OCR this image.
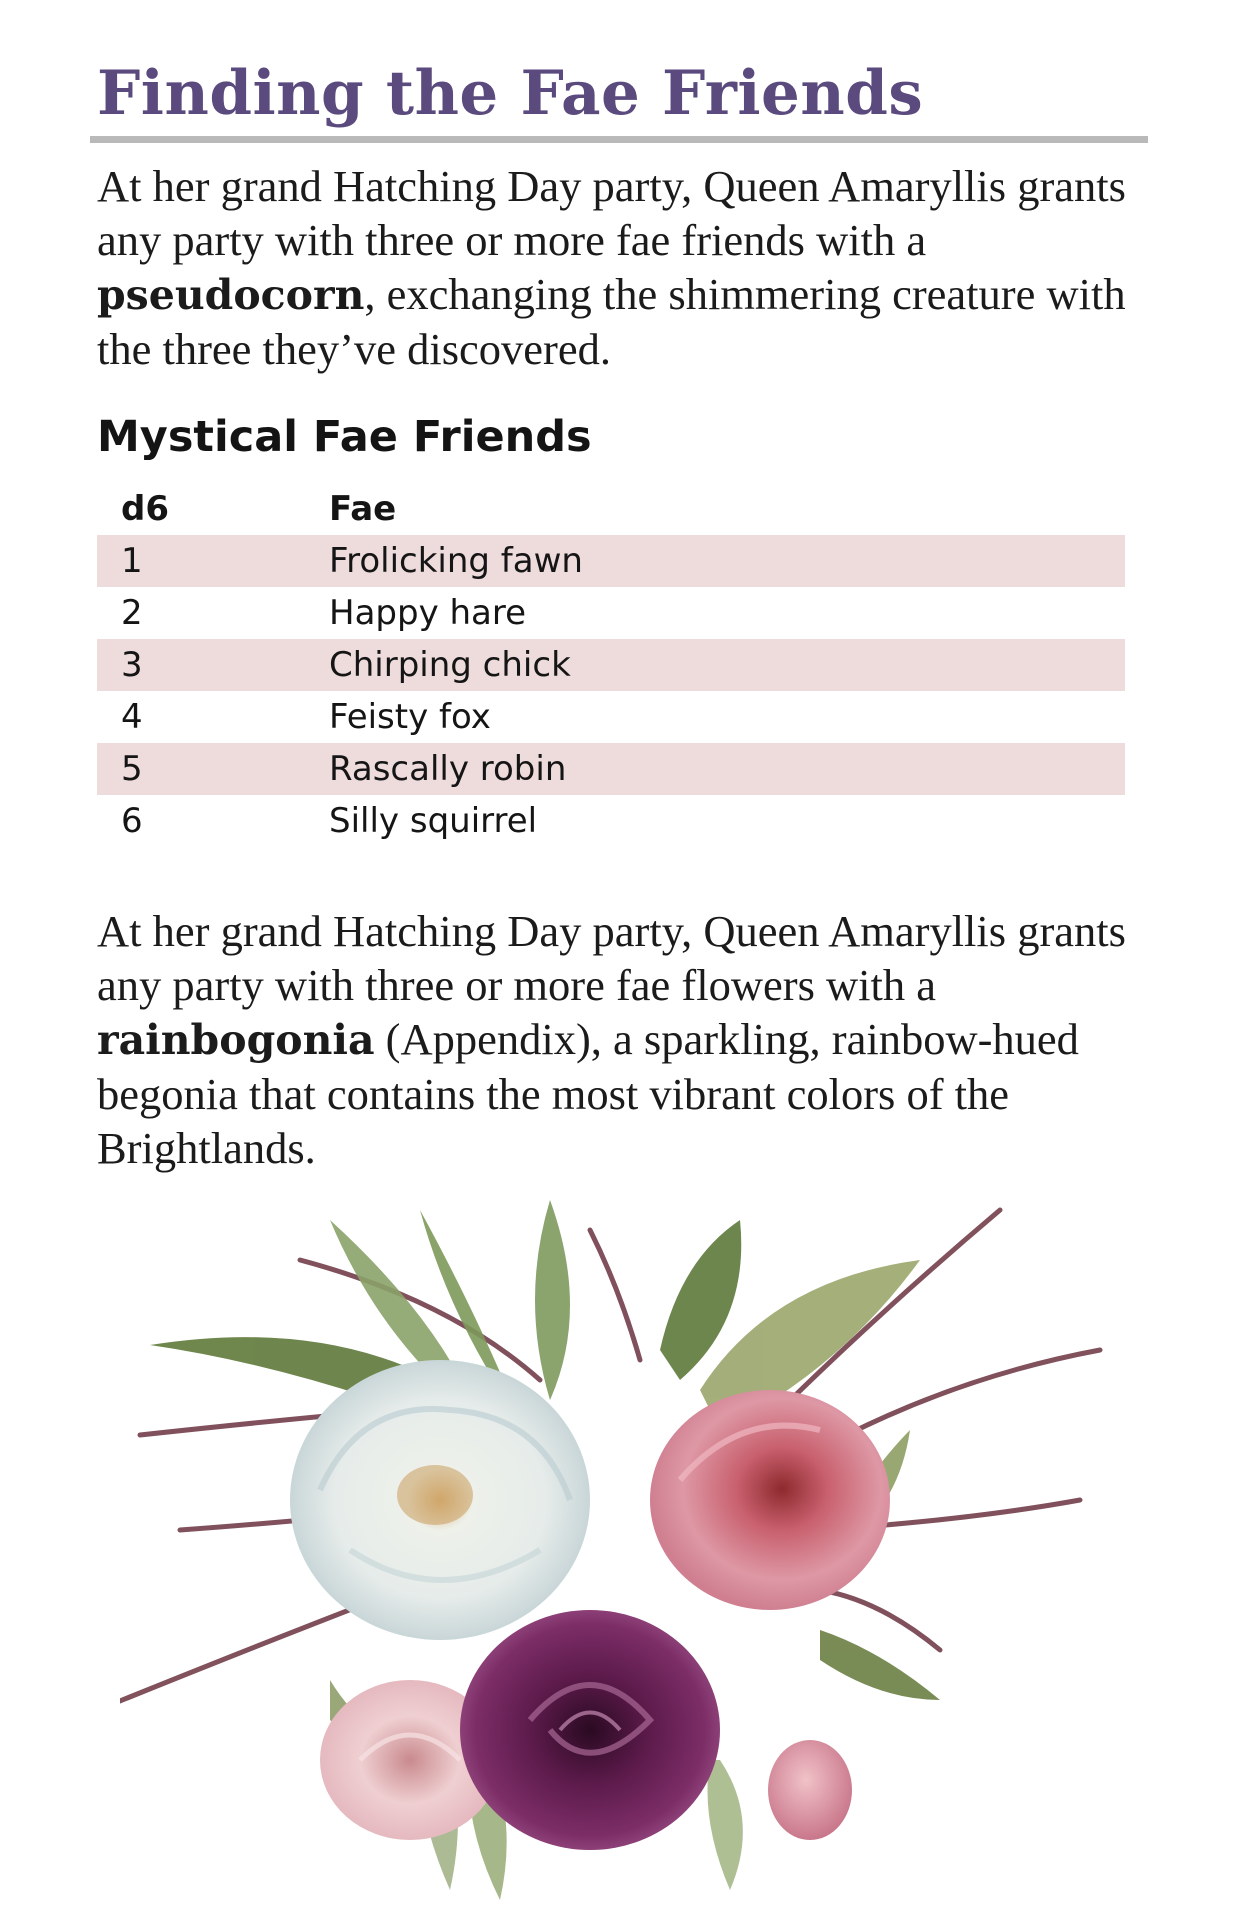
Finding the Fae Friends
At her grand Hatching Day party, Queen Amaryllis grants any party with three or more fae friends with a pseudocorn, exchanging the shimmering creature with the three they’ve discovered.
Mystical Fae Friends
d6	Fae
1	Frolicking fawn
2	Happy hare
3	Chirping chick
4	Feisty fox
5	Rascally robin
6	Silly squirrel
At her grand Hatching Day party, Queen Amaryllis grants any party with three or more fae flowers with a rainbogonia (Appendix), a sparkling, rainbow-hued begonia that contains the most vibrant colors of the Brightlands.
